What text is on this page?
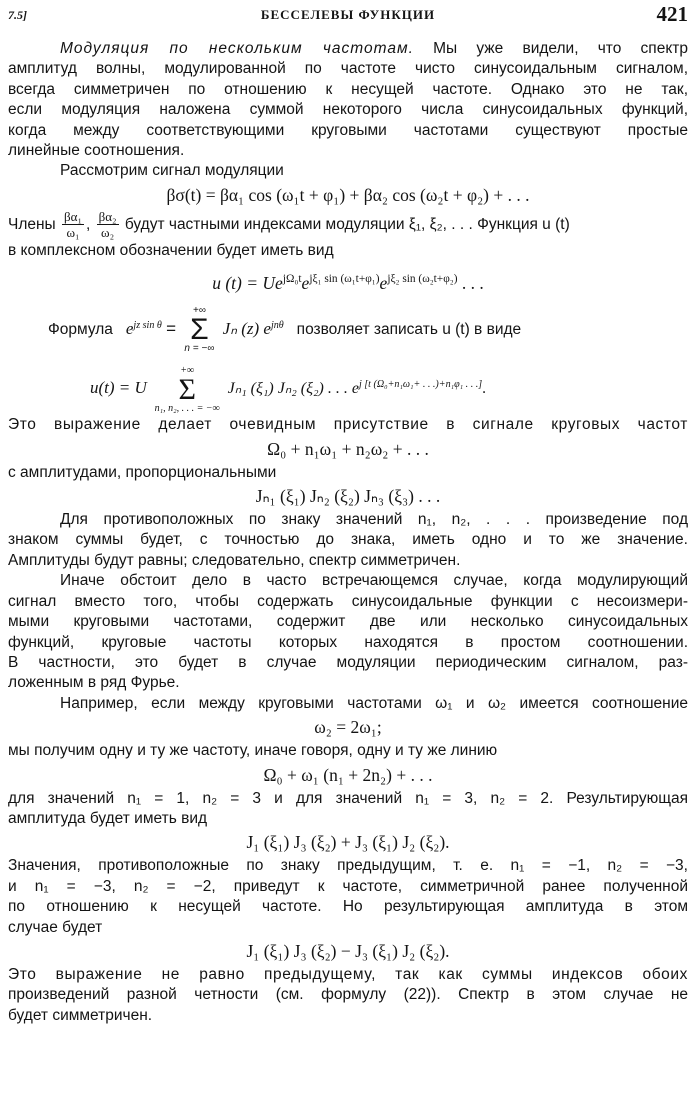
7.5]	БЕССЕЛЕВЫ ФУНКЦИИ	421
Модуляция по нескольким частотам. Мы уже видели, что спектр
амплитуд волны, модулированной по частоте чисто синусоидальным сигналом,
всегда симметричен по отношению к несущей частоте. Однако это не так,
если модуляция наложена суммой некоторого числа синусоидальных функций,
когда между соответствующими круговыми частотами существуют простые
линейные соотношения.
Рассмотрим сигнал модуляции
βσ(t) = βα₁ cos (ω₁t + φ₁) + βα₂ cos (ω₂t + φ₂) + . . .
Члены $\frac{\text{βα₁}}{\text{ω₁}}$ , $\frac{\text{βα₂}}{\text{ω₂}}$ будут частными индексами модуляции ξ₁, ξ₂, . . . Функция u (t)
в комплексном обозначении будет иметь вид
u $(t) = Ue^{j\Omega_0t}e^{j\xi_1 sin (\omega_1t+\varphi_1)}e^{j\xi_2 sin (\omega_2t+\varphi_2)}$ . . .
Формула $e^{jz sin \theta}$ =
+∞
Σ
n = −∞
Jₙ (z) $e^{jn\theta}$ позволяет записать u (t) в виде
u(t) = U
+∞
Σ
n₁, n₂, . . . = −∞
Jₙ₁ (ξ₁) Jₙ₂ (ξ₂) . . . $e^{j [t (\Omega_0+n_1\omega_1+ . . .)+n_1\varphi_1 . . .]}$.
Это выражение делает очевидным присутствие в сигнале круговых частот
Ω₀ + n₁ω₁ + n₂ω₂ + . . .
с амплитудами, пропорциональными
Jₙ₁ (ξ₁) Jₙ₂ (ξ₂) Jₙ₃ (ξ₃) . . .
Для противоположных по знаку значений n₁, n₂, . . . произведение под
знаком суммы будет, с точностью до знака, иметь одно и то же значение.
Амплитуды будут равны; следовательно, спектр симметричен.
Иначе обстоит дело в часто встречающемся случае, когда модулирующий
сигнал вместо того, чтобы содержать синусоидальные функции с несоизмери-
мыми круговыми частотами, содержит две или несколько синусоидальных
функций, круговые частоты которых находятся в простом соотношении.
В частности, это будет в случае модуляции периодическим сигналом, раз-
ложенным в ряд Фурье.
Например, если между круговыми частотами ω₁ и ω₂ имеется соотношение
ω₂ = 2ω₁;
мы получим одну и ту же частоту, иначе говоря, одну и ту же линию
Ω₀ + ω₁ (n₁ + 2n₂) + . . .
для значений n₁ = 1, n₂ = 3 и для значений n₁ = 3, n₂ = 2. Результирующая
амплитуда будет иметь вид
J₁ (ξ₁) J₃ (ξ₂) + J₃ (ξ₁) J₂ (ξ₂).
Значения, противоположные по знаку предыдущим, т. е. n₁ = −1, n₂ = −3,
и n₁ = −3, n₂ = −2, приведут к частоте, симметричной ранее полученной
по отношению к несущей частоте. Но результирующая амплитуда в этом
случае будет
J₁ (ξ₁) J₃ (ξ₂) − J₃ (ξ₁) J₂ (ξ₂).
Это выражение не равно предыдущему, так как суммы индексов обоих
произведений разной четности (см. формулу (22)). Спектр в этом случае не
будет симметричен.
